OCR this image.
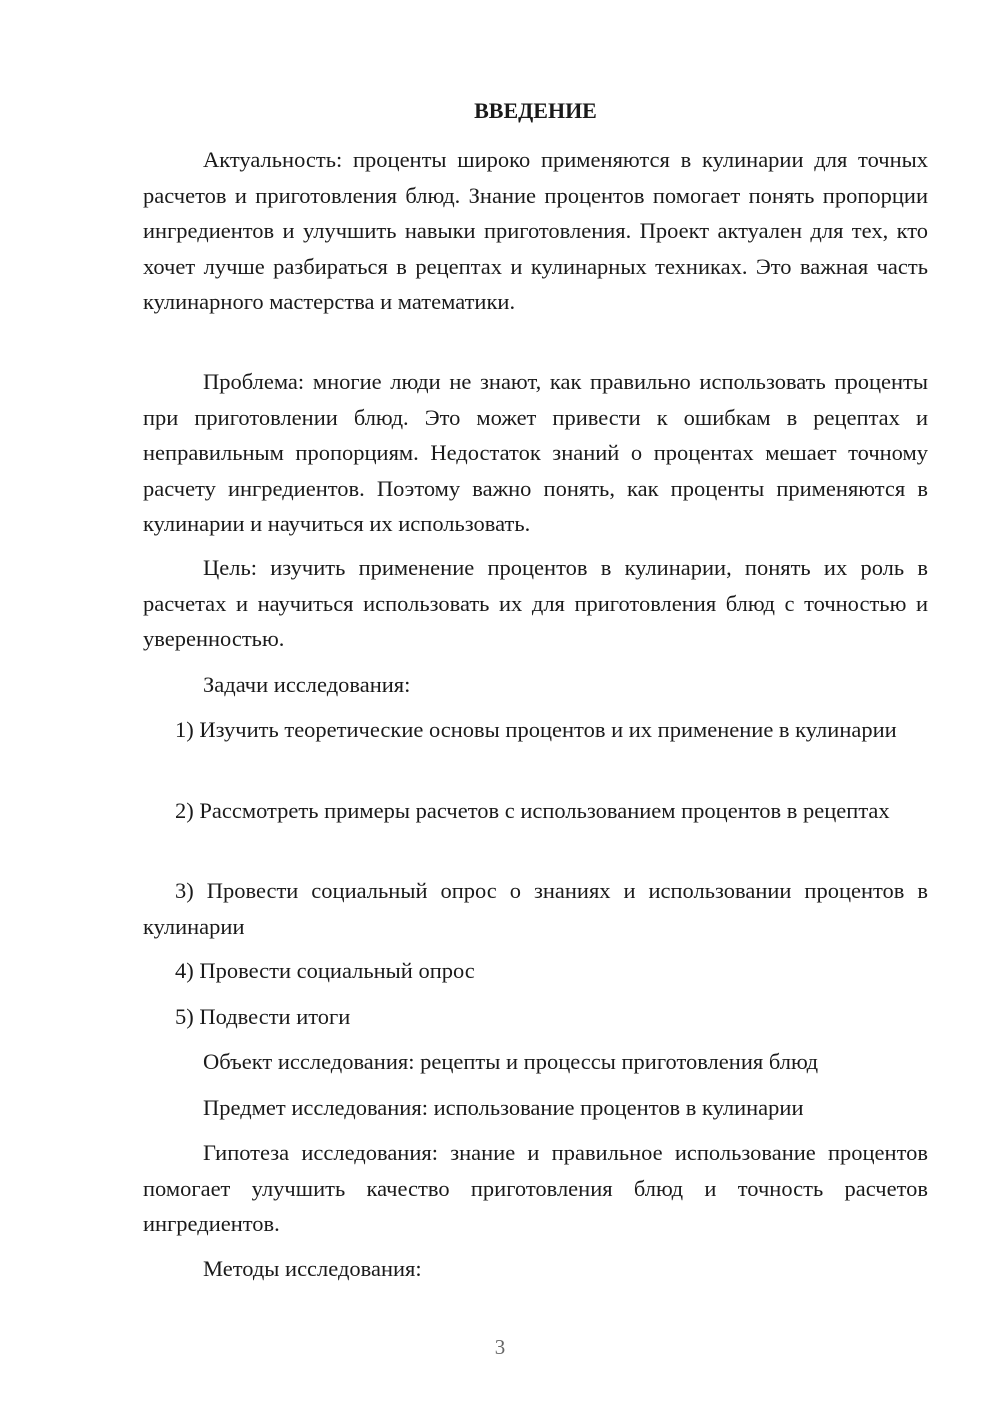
ВВЕДЕНИЕ

Актуальность: проценты широко применяются в кулинарии для точных расчетов и приготовления блюд. Знание процентов помогает понять пропорции ингредиентов и улучшить навыки приготовления. Проект актуален для тех, кто хочет лучше разбираться в рецептах и кулинарных техниках. Это важная часть кулинарного мастерства и математики.

Проблема: многие люди не знают, как правильно использовать проценты при приготовлении блюд. Это может привести к ошибкам в рецептах и неправильным пропорциям. Недостаток знаний о процентах мешает точному расчету ингредиентов. Поэтому важно понять, как проценты применяются в кулинарии и научиться их использовать.

Цель: изучить применение процентов в кулинарии, понять их роль в расчетах и научиться использовать их для приготовления блюд с точностью и уверенностью.

Задачи исследования:

1) Изучить теоретические основы процентов и их применение в кулинарии

2) Рассмотреть примеры расчетов с использованием процентов в рецептах

3) Провести социальный опрос о знаниях и использовании процентов в кулинарии

4) Провести социальный опрос

5) Подвести итоги

Объект исследования: рецепты и процессы приготовления блюд

Предмет исследования: использование процентов в кулинарии

Гипотеза исследования: знание и правильное использование процентов помогает улучшить качество приготовления блюд и точность расчетов ингредиентов.

Методы исследования:

3
